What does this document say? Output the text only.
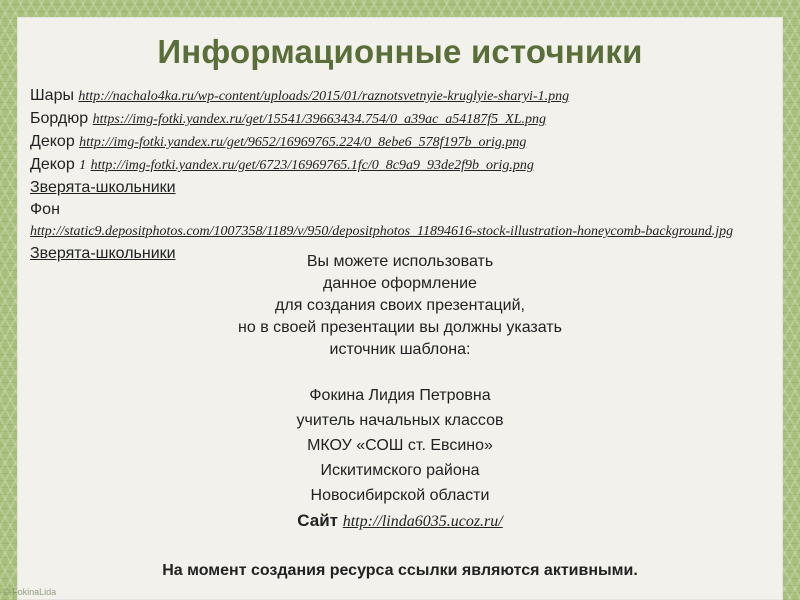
Информационные источники
Шары http://nachalo4ka.ru/wp-content/uploads/2015/01/raznotsvetnyie-kruglyie-sharyi-1.png
Бордюр https://img-fotki.yandex.ru/get/15541/39663434.754/0_a39ac_a54187f5_XL.png
Декор http://img-fotki.yandex.ru/get/9652/16969765.224/0_8ebe6_578f197b_orig.png
Декор 1 http://img-fotki.yandex.ru/get/6723/16969765.1fc/0_8c9a9_93de2f9b_orig.png
Зверята-школьники
Фон
http://static9.depositphotos.com/1007358/1189/v/950/depositphotos_11894616-stock-illustration-honeycomb-background.jpg
Зверята-школьники	Вы можете использовать
данное оформление
для создания своих презентаций,
но в своей презентации вы должны указать
источник шаблона:
Фокина Лидия Петровна
учитель начальных классов
МКОУ «СОШ ст. Евсино»
Искитимского района
Новосибирской области
Сайт http://linda6035.ucoz.ru/
На момент создания ресурса ссылки являются активными.
© FokinaLida
